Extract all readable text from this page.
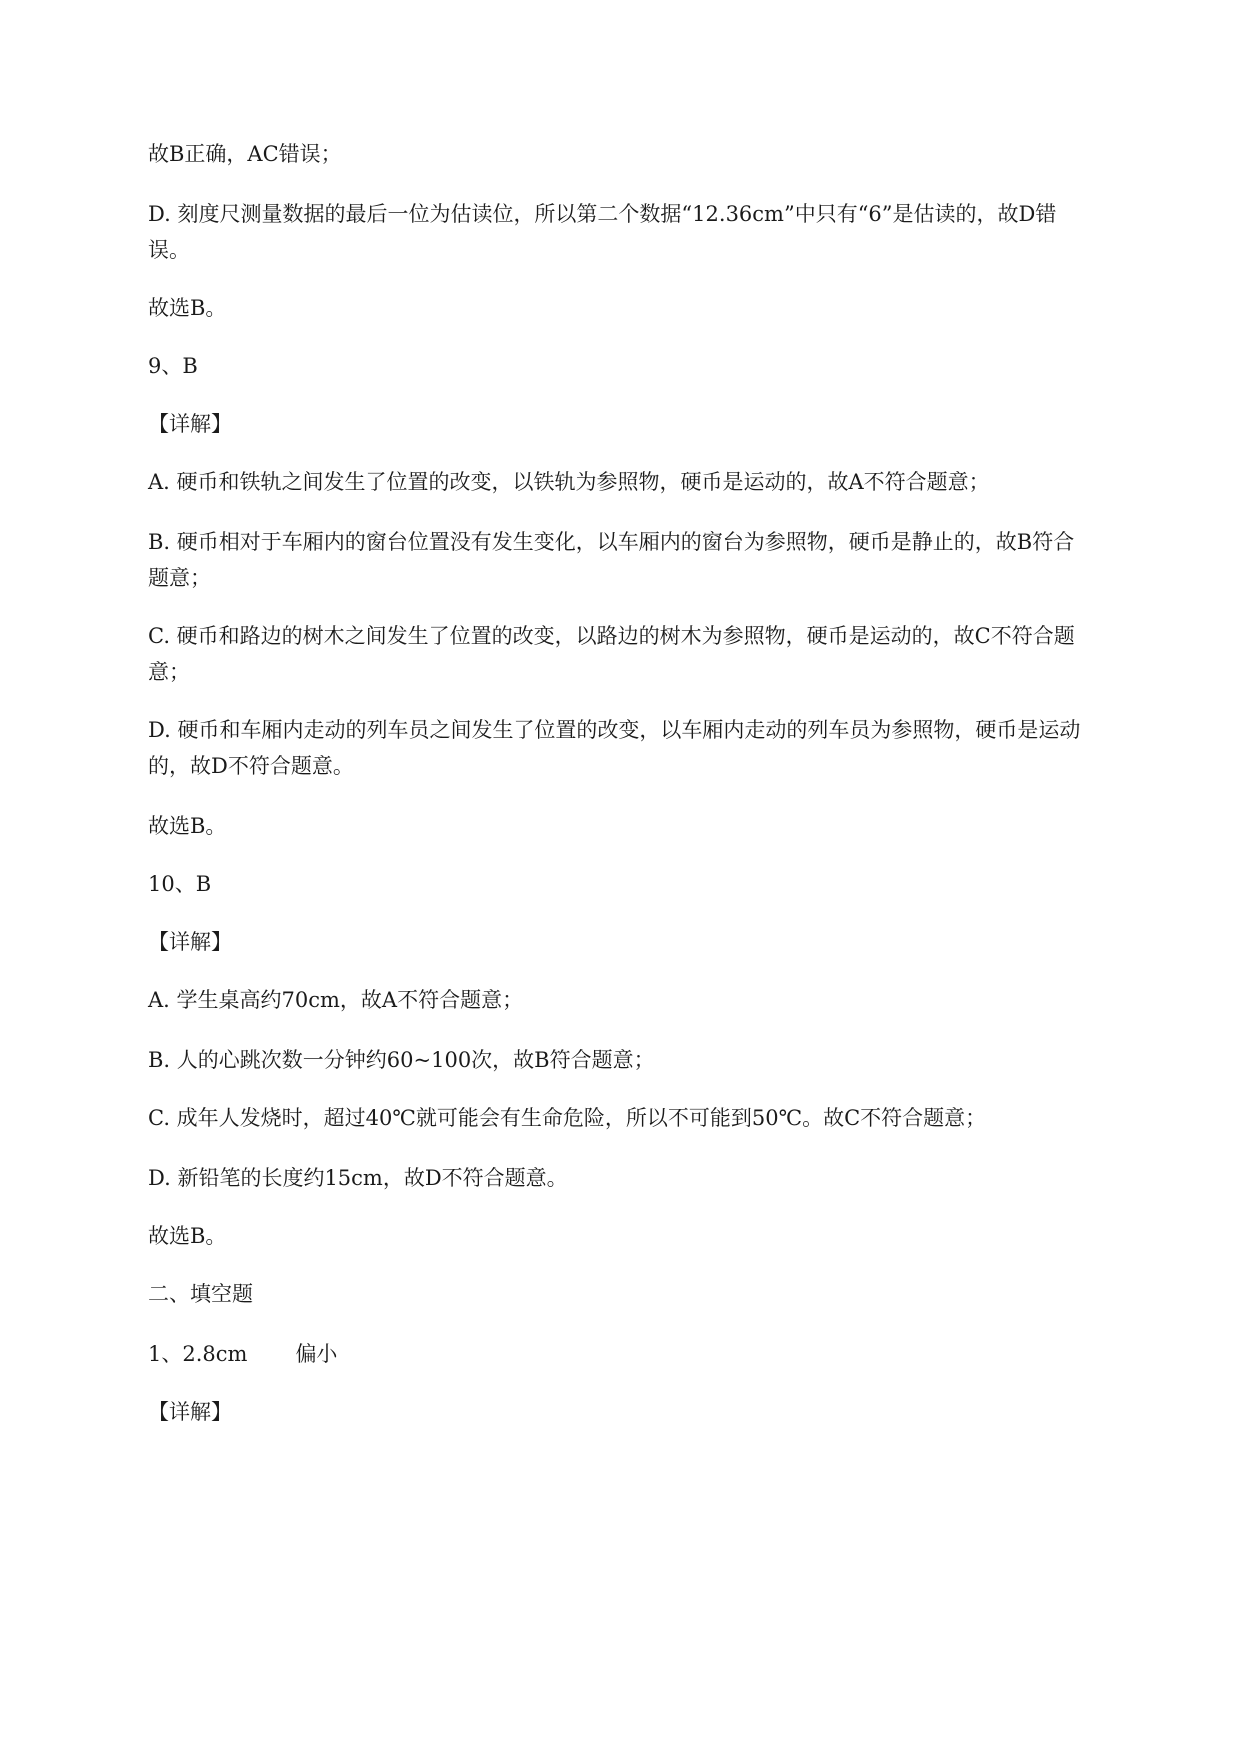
故B正确，AC错误；
D. 刻度尺测量数据的最后一位为估读位，所以第二个数据“12.36cm”中只有“6”是估读的，故D错
误。
故选B。
9、B
【详解】
A. 硬币和铁轨之间发生了位置的改变，以铁轨为参照物，硬币是运动的，故A不符合题意；
B. 硬币相对于车厢内的窗台位置没有发生变化，以车厢内的窗台为参照物，硬币是静止的，故B符合
题意；
C. 硬币和路边的树木之间发生了位置的改变，以路边的树木为参照物，硬币是运动的，故C不符合题
意；
D. 硬币和车厢内走动的列车员之间发生了位置的改变，以车厢内走动的列车员为参照物，硬币是运动
的，故D不符合题意。
故选B。
10、B
【详解】
A. 学生桌高约70cm，故A不符合题意；
B. 人的心跳次数一分钟约60~100次，故B符合题意；
C. 成年人发烧时，超过40℃就可能会有生命危险，所以不可能到50℃。故C不符合题意；
D. 新铅笔的长度约15cm，故D不符合题意。
故选B。
二、填空题
1、2.8cm 偏小
【详解】
